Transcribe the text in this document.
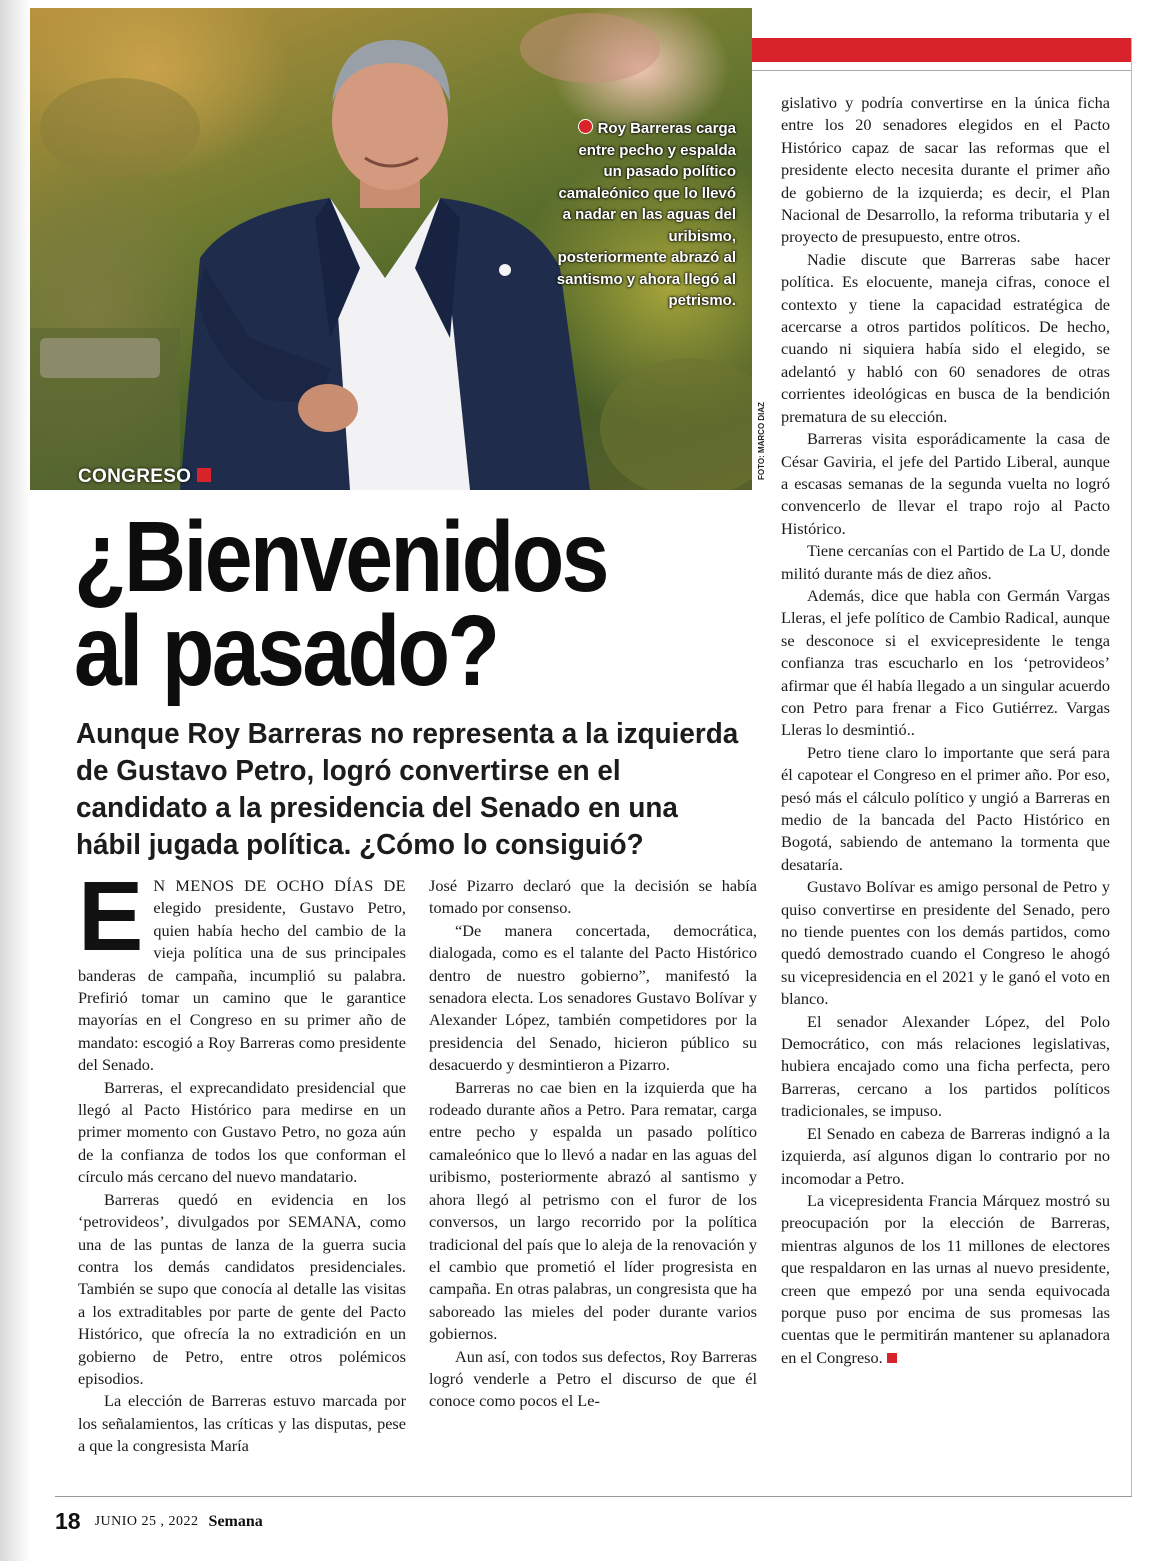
Roy Barreras carga entre pecho y espalda un pasado político camaleónico que lo llevó a nadar en las aguas del uribismo, posteriormente abrazó al santismo y ahora llegó al petrismo.
CONGRESO	FOTO: MARCO DIAZ
¿Bienvenidos
al pasado?
Aunque Roy Barreras no representa a la izquierda de Gustavo Petro, logró convertirse en el candidato a la presidencia del Senado en una hábil jugada política. ¿Cómo lo consiguió?

E N MENOS DE OCHO DÍAS DE elegido presidente, Gustavo Petro, quien había hecho del cambio de la vieja política una de sus principales banderas de campaña, incumplió su palabra. Prefirió tomar un camino que le garantice mayorías en el Congreso en su primer año de mandato: escogió a Roy Barreras como presidente del Senado.

Barreras, el exprecandidato presidencial que llegó al Pacto Histórico para medirse en un primer momento con Gustavo Petro, no goza aún de la confianza de todos los que conforman el círculo más cercano del nuevo mandatario.

Barreras quedó en evidencia en los ‘petrovideos’, divulgados por SEMANA, como una de las puntas de lanza de la guerra sucia contra los demás candidatos presidenciales. También se supo que conocía al detalle las visitas a los extraditables por parte de gente del Pacto Histórico, que ofrecía la no extradición en un gobierno de Petro, entre otros polémicos episodios.

La elección de Barreras estuvo marcada por los señalamientos, las críticas y las disputas, pese a que la congresista María

José Pizarro declaró que la decisión se había tomado por consenso.

“De manera concertada, democrática, dialogada, como es el talante del Pacto Histórico dentro de nuestro gobierno”, manifestó la senadora electa. Los senadores Gustavo Bolívar y Alexander López, también competidores por la presidencia del Senado, hicieron público su desacuerdo y desmintieron a Pizarro.

Barreras no cae bien en la izquierda que ha rodeado durante años a Petro. Para rematar, carga entre pecho y espalda un pasado político camaleónico que lo llevó a nadar en las aguas del uribismo, posteriormente abrazó al santismo y ahora llegó al petrismo con el furor de los conversos, un largo recorrido por la política tradicional del país que lo aleja de la renovación y el cambio que prometió el líder progresista en campaña. En otras palabras, un congresista que ha saboreado las mieles del poder durante varios gobiernos.

Aun así, con todos sus defectos, Roy Barreras logró venderle a Petro el discurso de que él conoce como pocos el Le-

gislativo y podría convertirse en la única ficha entre los 20 senadores elegidos en el Pacto Histórico capaz de sacar las reformas que el presidente electo necesita durante el primer año de gobierno de la izquierda; es decir, el Plan Nacional de Desarrollo, la reforma tributaria y el proyecto de presupuesto, entre otros.

Nadie discute que Barreras sabe hacer política. Es elocuente, maneja cifras, conoce el contexto y tiene la capacidad estratégica de acercarse a otros partidos políticos. De hecho, cuando ni siquiera había sido el elegido, se adelantó y habló con 60 senadores de otras corrientes ideológicas en busca de la bendición prematura de su elección.

Barreras visita esporádicamente la casa de César Gaviria, el jefe del Partido Liberal, aunque a escasas semanas de la segunda vuelta no logró convencerlo de llevar el trapo rojo al Pacto Histórico.

Tiene cercanías con el Partido de La U, donde militó durante más de diez años.

Además, dice que habla con Germán Vargas Lleras, el jefe político de Cambio Radical, aunque se desconoce si el exvicepresidente le tenga confianza tras escucharlo en los ‘petrovideos’ afirmar que él había llegado a un singular acuerdo con Petro para frenar a Fico Gutiérrez. Vargas Lleras lo desmintió..

Petro tiene claro lo importante que será para él capotear el Congreso en el primer año. Por eso, pesó más el cálculo político y ungió a Barreras en medio de la bancada del Pacto Histórico en Bogotá, sabiendo de antemano la tormenta que desataría.

Gustavo Bolívar es amigo personal de Petro y quiso convertirse en presidente del Senado, pero no tiende puentes con los demás partidos, como quedó demostrado cuando el Congreso le ahogó su vicepresidencia en el 2021 y le ganó el voto en blanco.

El senador Alexander López, del Polo Democrático, con más relaciones legislativas, hubiera encajado como una ficha perfecta, pero Barreras, cercano a los partidos políticos tradicionales, se impuso.

El Senado en cabeza de Barreras indignó a la izquierda, así algunos digan lo contrario por no incomodar a Petro.

La vicepresidenta Francia Márquez mostró su preocupación por la elección de Barreras, mientras algunos de los 11 millones de electores que respaldaron en las urnas al nuevo presidente, creen que empezó por una senda equivocada porque puso por encima de sus promesas las cuentas que le permitirán mantener su aplanadora en el Congreso.

18 JUNIO 25 , 2022 Semana
